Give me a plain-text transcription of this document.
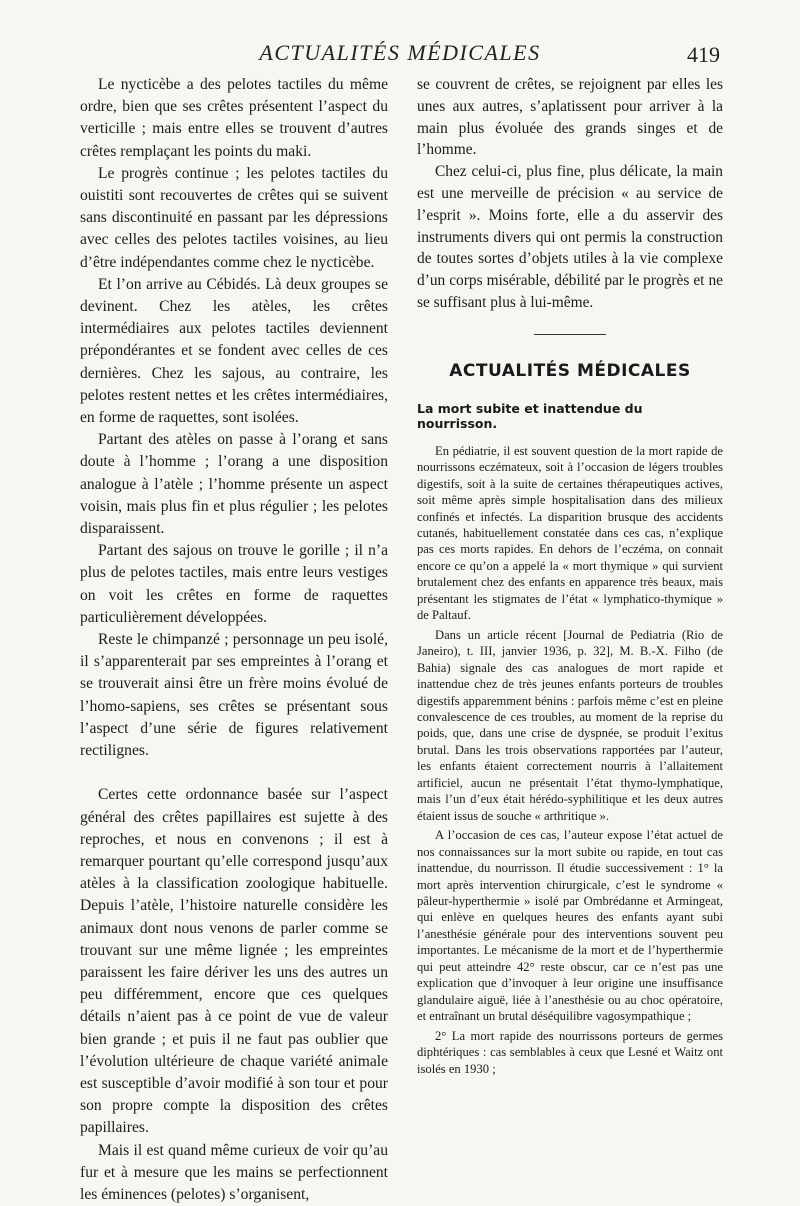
ACTUALITÉS MÉDICALES	419

Le nycticèbe a des pelotes tactiles du même ordre, bien que ses crêtes présentent l’aspect du verticille ; mais entre elles se trouvent d’autres crêtes remplaçant les points du maki.

Le progrès continue ; les pelotes tactiles du ouistiti sont recouvertes de crêtes qui se suivent sans discontinuité en passant par les dépressions avec celles des pelotes tactiles voisines, au lieu d’être indépendantes comme chez le nycticèbe.

Et l’on arrive au Cébidés. Là deux groupes se devinent. Chez les atèles, les crêtes intermédiaires aux pelotes tactiles deviennent prépondérantes et se fondent avec celles de ces dernières. Chez les sajous, au contraire, les pelotes restent nettes et les crêtes intermédiaires, en forme de raquettes, sont isolées.

Partant des atèles on passe à l’orang et sans doute à l’homme ; l’orang a une disposition analogue à l’atèle ; l’homme présente un aspect voisin, mais plus fin et plus régulier ; les pelotes disparaissent.

Partant des sajous on trouve le gorille ; il n’a plus de pelotes tactiles, mais entre leurs vestiges on voit les crêtes en forme de raquettes particulièrement développées.

Reste le chimpanzé ; personnage un peu isolé, il s’apparenterait par ses empreintes à l’orang et se trouverait ainsi être un frère moins évolué de l’homo-sapiens, ses crêtes se présentant sous l’aspect d’une série de figures relativement rectilignes.

Certes cette ordonnance basée sur l’aspect général des crêtes papillaires est sujette à des reproches, et nous en convenons ; il est à remarquer pourtant qu’elle correspond jusqu’aux atèles à la classification zoologique habituelle. Depuis l’atèle, l’histoire naturelle considère les animaux dont nous venons de parler comme se trouvant sur une même lignée ; les empreintes paraissent les faire dériver les uns des autres un peu différemment, encore que ces quelques détails n’aient pas à ce point de vue de valeur bien grande ; et puis il ne faut pas oublier que l’évolution ultérieure de chaque variété animale est susceptible d’avoir modifié à son tour et pour son propre compte la disposition des crêtes papillaires.

Mais il est quand même curieux de voir qu’au fur et à mesure que les mains se perfectionnent les éminences (pelotes) s’organisent,

se couvrent de crêtes, se rejoignent par elles les unes aux autres, s’aplatissent pour arriver à la main plus évoluée des grands singes et de l’homme.

Chez celui-ci, plus fine, plus délicate, la main est une merveille de précision « au service de l’esprit ». Moins forte, elle a du asservir des instruments divers qui ont permis la construction de toutes sortes d’objets utiles à la vie complexe d’un corps misérable, débilité par le progrès et ne se suffisant plus à lui-même.

ACTUALITÉS MÉDICALES
La mort subite et inattendue du nourrisson.

En pédiatrie, il est souvent question de la mort rapide de nourrissons eczémateux, soit à l’occasion de légers troubles digestifs, soit à la suite de certaines thérapeutiques actives, soit même après simple hospitalisation dans des milieux confinés et infectés. La disparition brusque des accidents cutanés, habituellement constatée dans ces cas, n’explique pas ces morts rapides. En dehors de l’eczéma, on connait encore ce qu’on a appelé la « mort thymique » qui survient brutalement chez des enfants en apparence très beaux, mais présentant les stigmates de l’état « lymphatico-thymique » de Paltauf.

Dans un article récent [Journal de Pediatria (Rio de Janeiro), t. III, janvier 1936, p. 32], M. B.-X. Filho (de Bahia) signale des cas analogues de mort rapide et inattendue chez de très jeunes enfants porteurs de troubles digestifs apparemment bénins : parfois même c’est en pleine convalescence de ces troubles, au moment de la reprise du poids, que, dans une crise de dyspnée, se produit l’exitus brutal. Dans les trois observations rapportées par l’auteur, les enfants étaient correctement nourris à l’allaitement artificiel, aucun ne présentait l’état thymo-lymphatique, mais l’un d’eux était hérédo-syphilitique et les deux autres étaient issus de souche « arthritique ».

A l’occasion de ces cas, l’auteur expose l’état actuel de nos connaissances sur la mort subite ou rapide, en tout cas inattendue, du nourrisson. Il étudie successivement : 1° la mort après intervention chirurgicale, c’est le syndrome « pâleur-hyperthermie » isolé par Ombrédanne et Armingeat, qui enlève en quelques heures des enfants ayant subi l’anesthésie générale pour des interventions souvent peu importantes. Le mécanisme de la mort et de l’hyperthermie qui peut atteindre 42° reste obscur, car ce n’est pas une explication que d’invoquer à leur origine une insuffisance glandulaire aiguë, liée à l’anesthésie ou au choc opératoire, et entraînant un brutal déséquilibre vagosympathique ;

2° La mort rapide des nourrissons porteurs de germes diphtériques : cas semblables à ceux que Lesné et Waitz ont isolés en 1930 ;
